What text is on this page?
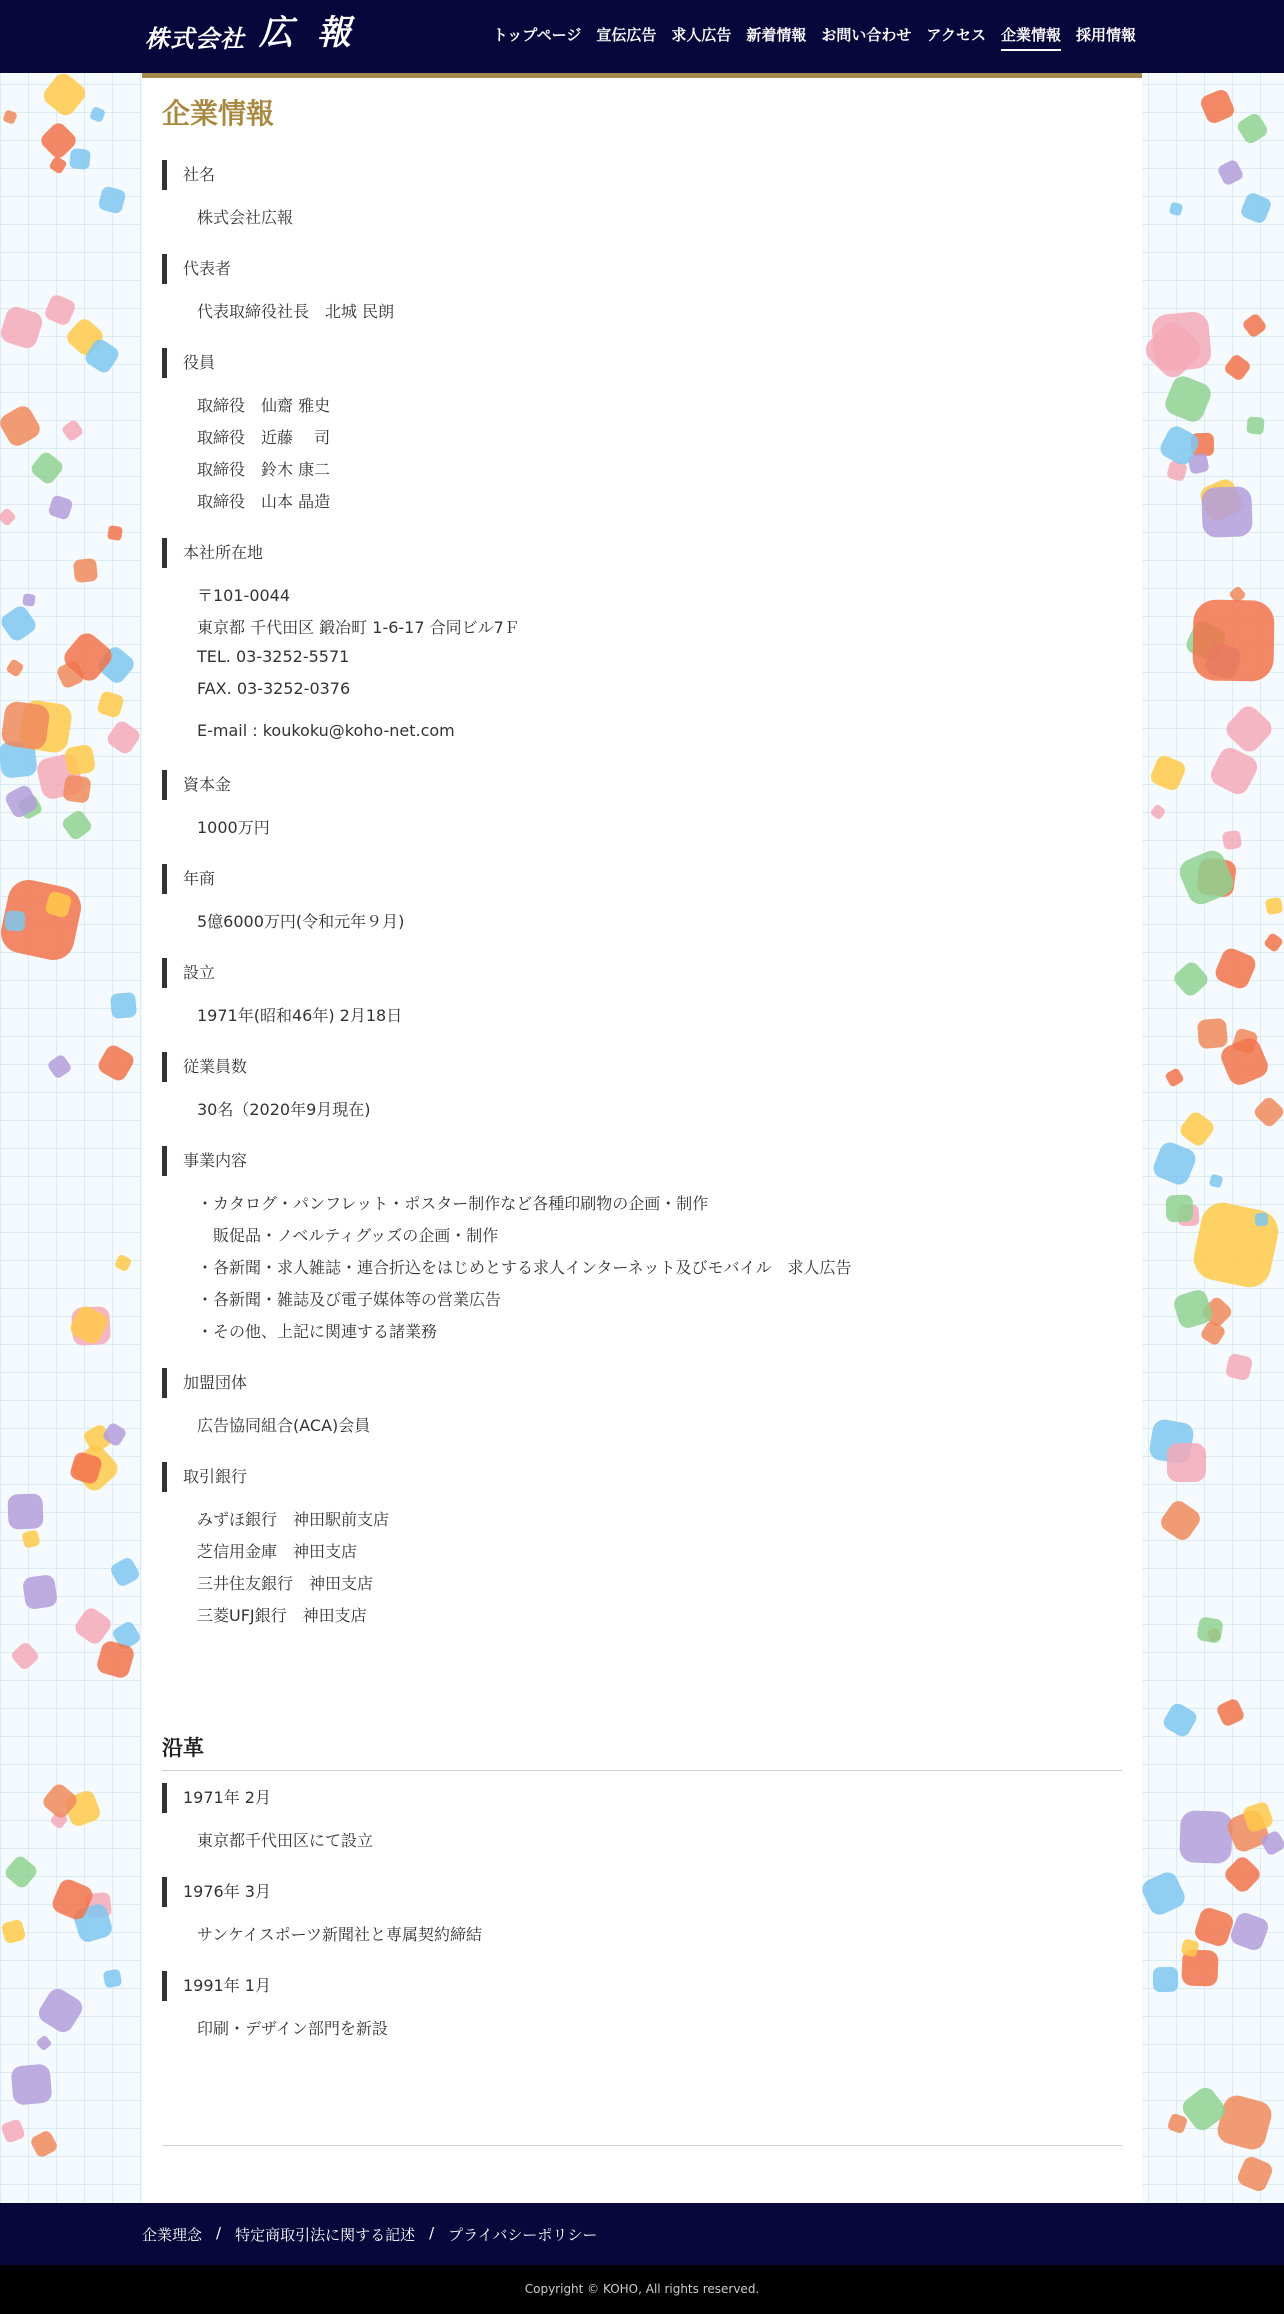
株式会社 広報	トップページ 宣伝広告 求人広告 新着情報 お問い合わせ アクセス 企業情報 採用情報
企業情報
社名
株式会社広報
代表者
代表取締役社長　北城 民朗
役員
取締役　仙齋 雅史
取締役　近藤　 司
取締役　鈴木 康二
取締役　山本 晶造
本社所在地
〒101-0044
東京都 千代田区 鍛冶町 1-6-17 合同ビル7Ｆ
TEL. 03-3252-5571
FAX. 03-3252-0376
E-mail : koukoku@koho-net.com
資本金
1000万円
年商
5億6000万円(令和元年９月)
設立
1971年(昭和46年) 2月18日
従業員数
30名（2020年9月現在)
事業内容
・カタログ・パンフレット・ポスター制作など各種印刷物の企画・制作
　販促品・ノベルティグッズの企画・制作
・各新聞・求人雑誌・連合折込をはじめとする求人インターネット及びモバイル　求人広告
・各新聞・雑誌及び電子媒体等の営業広告
・その他、上記に関連する諸業務
加盟団体
広告協同組合(ACA)会員
取引銀行
みずほ銀行　神田駅前支店
芝信用金庫　神田支店
三井住友銀行　神田支店
三菱UFJ銀行　神田支店
沿革
1971年 2月
東京都千代田区にて設立
1976年 3月
サンケイスポーツ新聞社と専属契約締結
1991年 1月
印刷・デザイン部門を新設
企業理念 / 特定商取引法に関する記述 / プライバシーポリシー
Copyright © KOHO, All rights reserved.
